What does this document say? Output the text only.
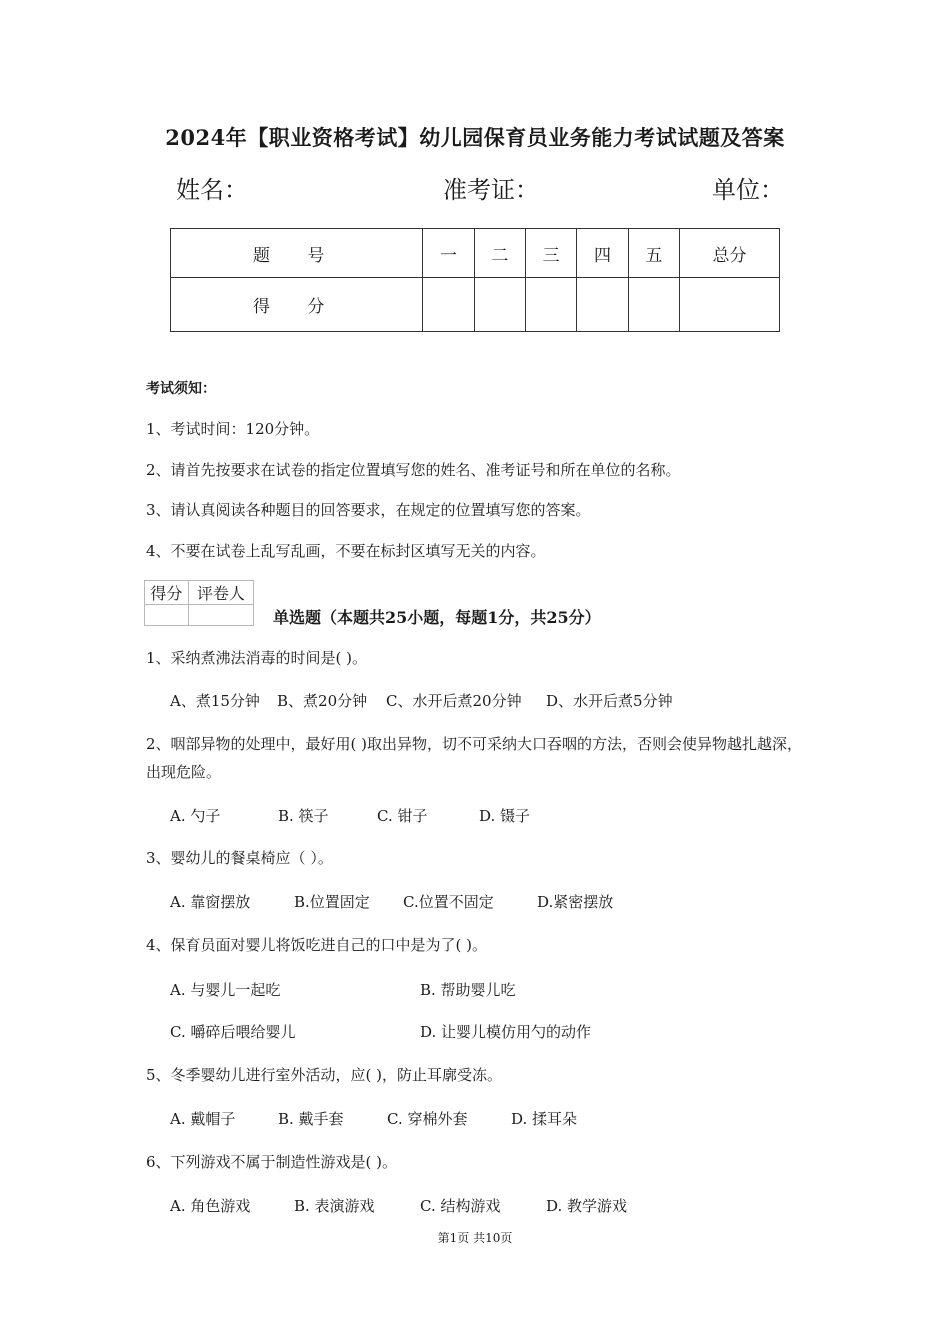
2024年【职业资格考试】幼儿园保育员业务能力考试试题及答案
姓名：	准考证：	单位：
题 号	一	二	三	四	五	总分
得 分						
考试须知：
1、考试时间：120分钟。
2、请首先按要求在试卷的指定位置填写您的姓名、准考证号和所在单位的名称。
3、请认真阅读各种题目的回答要求，在规定的位置填写您的答案。
4、不要在试卷上乱写乱画，不要在标封区填写无关的内容。
得分	评卷人

单选题（本题共25小题，每题1分，共25分）
1、采纳煮沸法消毒的时间是( )。
A、煮15分钟 B、煮20分钟 C、水开后煮20分钟 D、水开后煮5分钟
2、咽部异物的处理中，最好用( )取出异物，切不可采纳大口吞咽的方法，否则会使异物越扎越深，出现危险。
A. 勺子	B. 筷子	C. 钳子	D. 镊子
3、婴幼儿的餐桌椅应（ ）。
A. 靠窗摆放	B.位置固定 C.位置不固定	D.紧密摆放
4、保育员面对婴儿将饭吃进自己的口中是为了( )。
A. 与婴儿一起吃	B. 帮助婴儿吃
C. 嚼碎后喂给婴儿	D. 让婴儿模仿用勺的动作
5、冬季婴幼儿进行室外活动，应( )，防止耳廓受冻。
A. 戴帽子	B. 戴手套	C. 穿棉外套	D. 揉耳朵
6、下列游戏不属于制造性游戏是( )。
A. 角色游戏	B. 表演游戏	C. 结构游戏	D. 教学游戏
第1页 共10页
